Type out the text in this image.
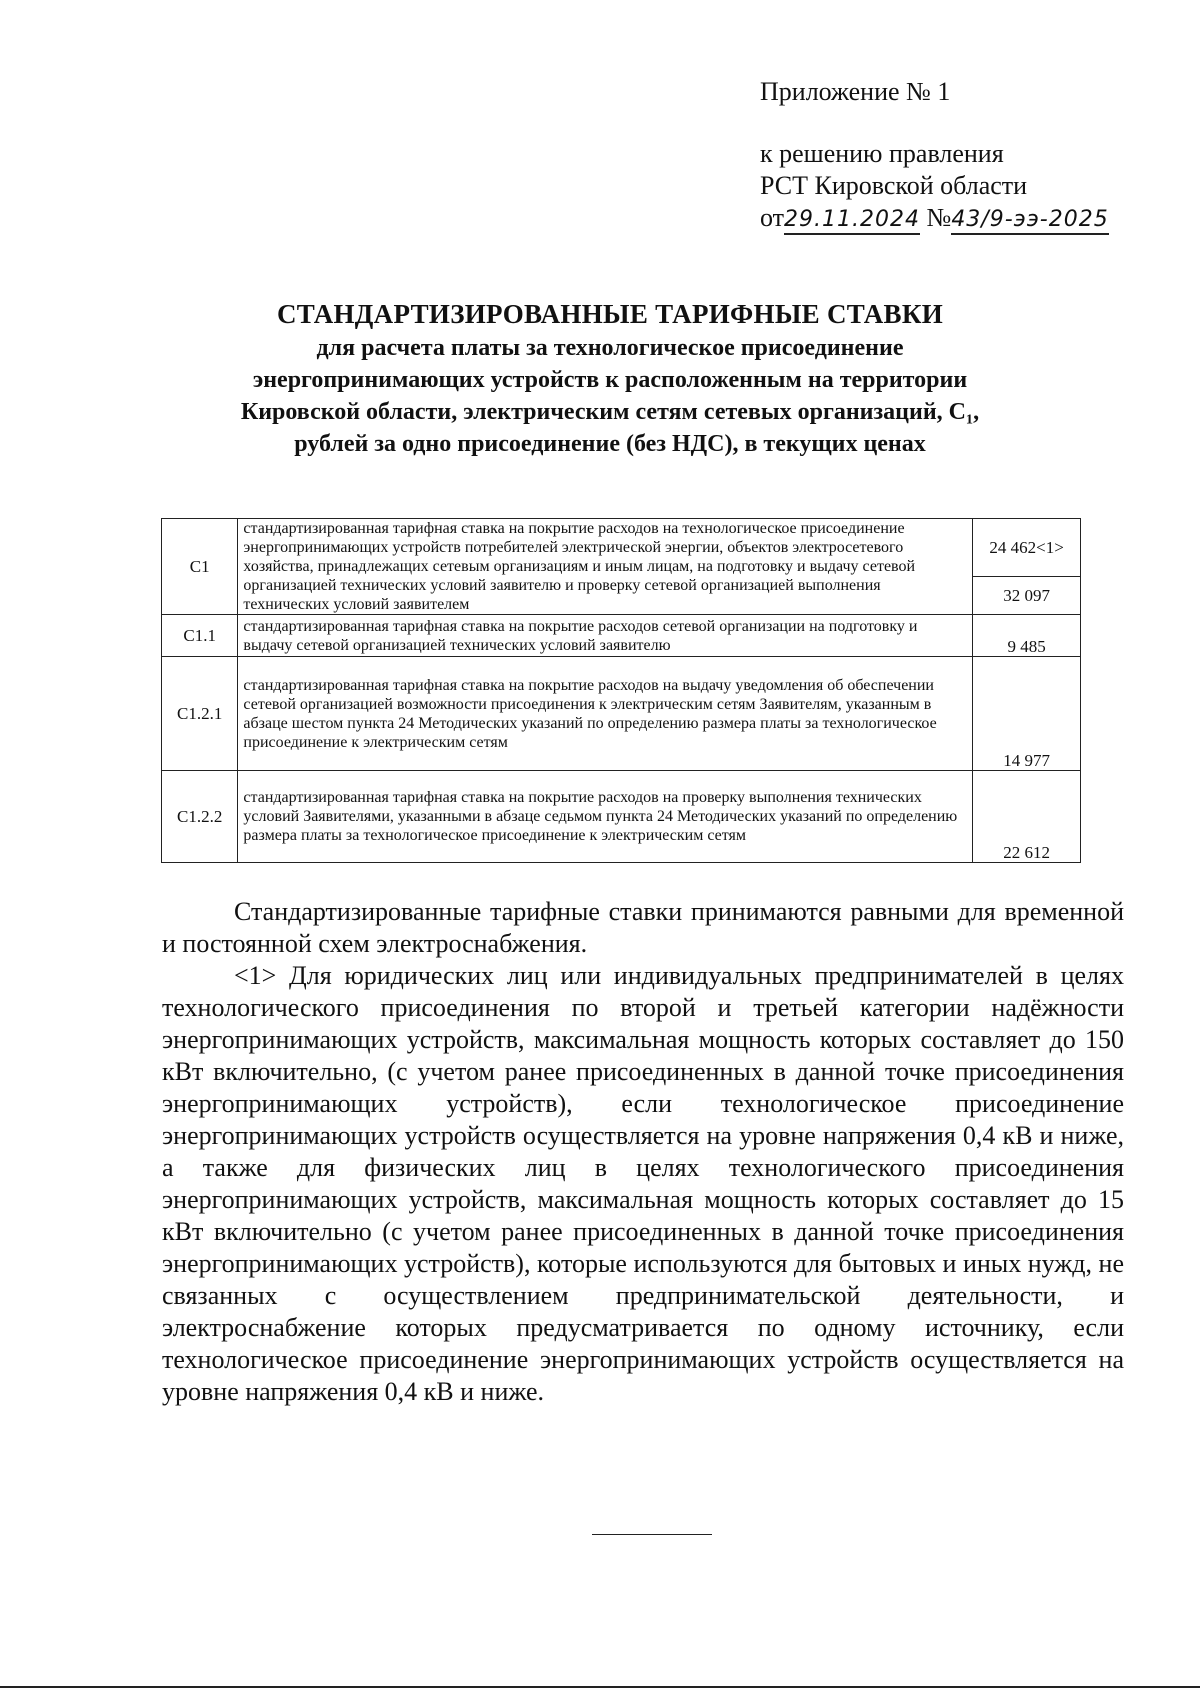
Приложение № 1
к решению правления
РСТ Кировской области
от29.11.2024 №43/9-ээ-2025
СТАНДАРТИЗИРОВАННЫЕ ТАРИФНЫЕ СТАВКИ
для расчета платы за технологическое присоединение энергопринимающих устройств к расположенным на территории Кировской области, электрическим сетям сетевых организаций, C₁, рублей за одно присоединение (без НДС), в текущих ценах
C1	стандартизированная тарифная ставка на покрытие расходов на технологическое присоединение энергопринимающих устройств потребителей электрической энергии, объектов электросетевого хозяйства, принадлежащих сетевым организациям и иным лицам, на подготовку и выдачу сетевой организацией технических условий заявителю и проверку сетевой организацией выполнения технических условий заявителем	24 462<1>
		32 097
C1.1	стандартизированная тарифная ставка на покрытие расходов сетевой организации на подготовку и выдачу сетевой организацией технических условий заявителю	9 485
C1.2.1	стандартизированная тарифная ставка на покрытие расходов на выдачу уведомления об обеспечении сетевой организацией возможности присоединения к электрическим сетям Заявителям, указанным в абзаце шестом пункта 24 Методических указаний по определению размера платы за технологическое присоединение к электрическим сетям	14 977
C1.2.2	стандартизированная тарифная ставка на покрытие расходов на проверку выполнения технических условий Заявителями, указанными в абзаце седьмом пункта 24 Методических указаний по определению размера платы за технологическое присоединение к электрическим сетям	22 612

Стандартизированные тарифные ставки принимаются равными для временной и постоянной схем электроснабжения.

<1> Для юридических лиц или индивидуальных предпринимателей в целях технологического присоединения по второй и третьей категории надёжности энергопринимающих устройств, максимальная мощность которых составляет до 150 кВт включительно, (с учетом ранее присоединенных в данной точке присоединения энергопринимающих устройств), если технологическое присоединение энергопринимающих устройств осуществляется на уровне напряжения 0,4 кВ и ниже, а также для физических лиц в целях технологического присоединения энергопринимающих устройств, максимальная мощность которых составляет до 15 кВт включительно (с учетом ранее присоединенных в данной точке присоединения энергопринимающих устройств), которые используются для бытовых и иных нужд, не связанных с осуществлением предпринимательской деятельности, и электроснабжение которых предусматривается по одному источнику, если технологическое присоединение энергопринимающих устройств осуществляется на уровне напряжения 0,4 кВ и ниже.
